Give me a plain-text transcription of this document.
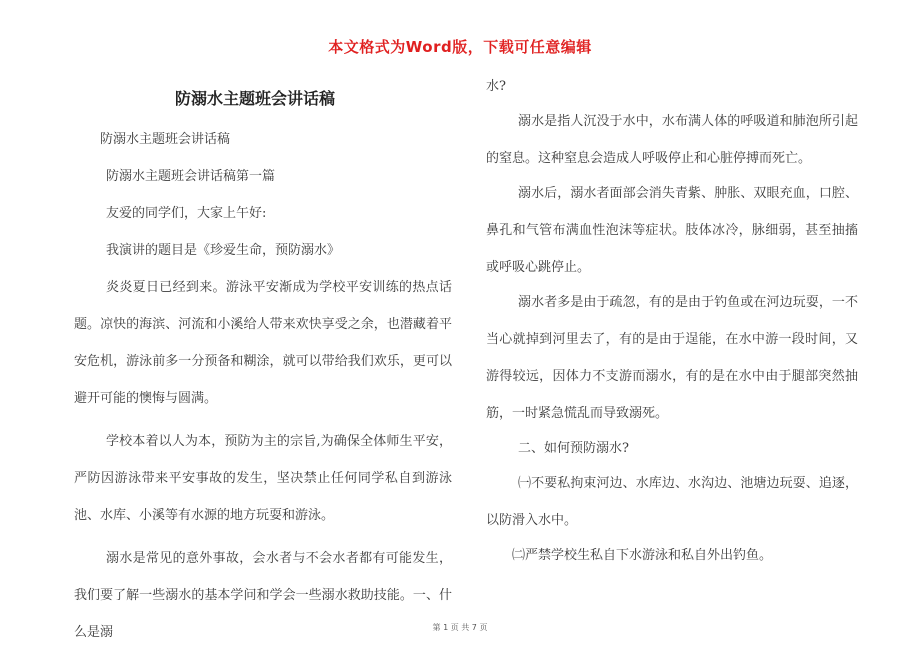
本文格式为Word版，下载可任意编辑
防溺水主题班会讲话稿

防溺水主题班会讲话稿

防溺水主题班会讲话稿第一篇

友爱的同学们，大家上午好:

我演讲的题目是《珍爱生命，预防溺水》

炎炎夏日已经到来。游泳平安渐成为学校平安训练的热点话题。凉快的海滨、河流和小溪给人带来欢快享受之余，也潜藏着平安危机，游泳前多一分预备和糊涂，就可以带给我们欢乐，更可以避开可能的懊悔与圆满。

学校本着以人为本，预防为主的宗旨,为确保全体师生平安，严防因游泳带来平安事故的发生，坚决禁止任何同学私自到游泳池、水库、小溪等有水源的地方玩耍和游泳。

溺水是常见的意外事故，会水者与不会水者都有可能发生，我们要了解一些溺水的基本学问和学会一些溺水救助技能。一、什么是溺

水?

溺水是指人沉没于水中，水布满人体的呼吸道和肺泡所引起的窒息。这种窒息会造成人呼吸停止和心脏停搏而死亡。

溺水后，溺水者面部会消失青紫、肿胀、双眼充血，口腔、鼻孔和气管布满血性泡沫等症状。肢体冰冷，脉细弱，甚至抽搐或呼吸心跳停止。

溺水者多是由于疏忽，有的是由于钓鱼或在河边玩耍，一不当心就掉到河里去了，有的是由于逞能，在水中游一段时间，又游得较远，因体力不支游而溺水，有的是在水中由于腿部突然抽筋，一时紧急慌乱而导致溺死。

二、如何预防溺水?

㈠不要私拘束河边、水库边、水沟边、池塘边玩耍、追逐，以防滑入水中。

㈡严禁学校生私自下水游泳和私自外出钓鱼。

第 1 页 共 7 页
